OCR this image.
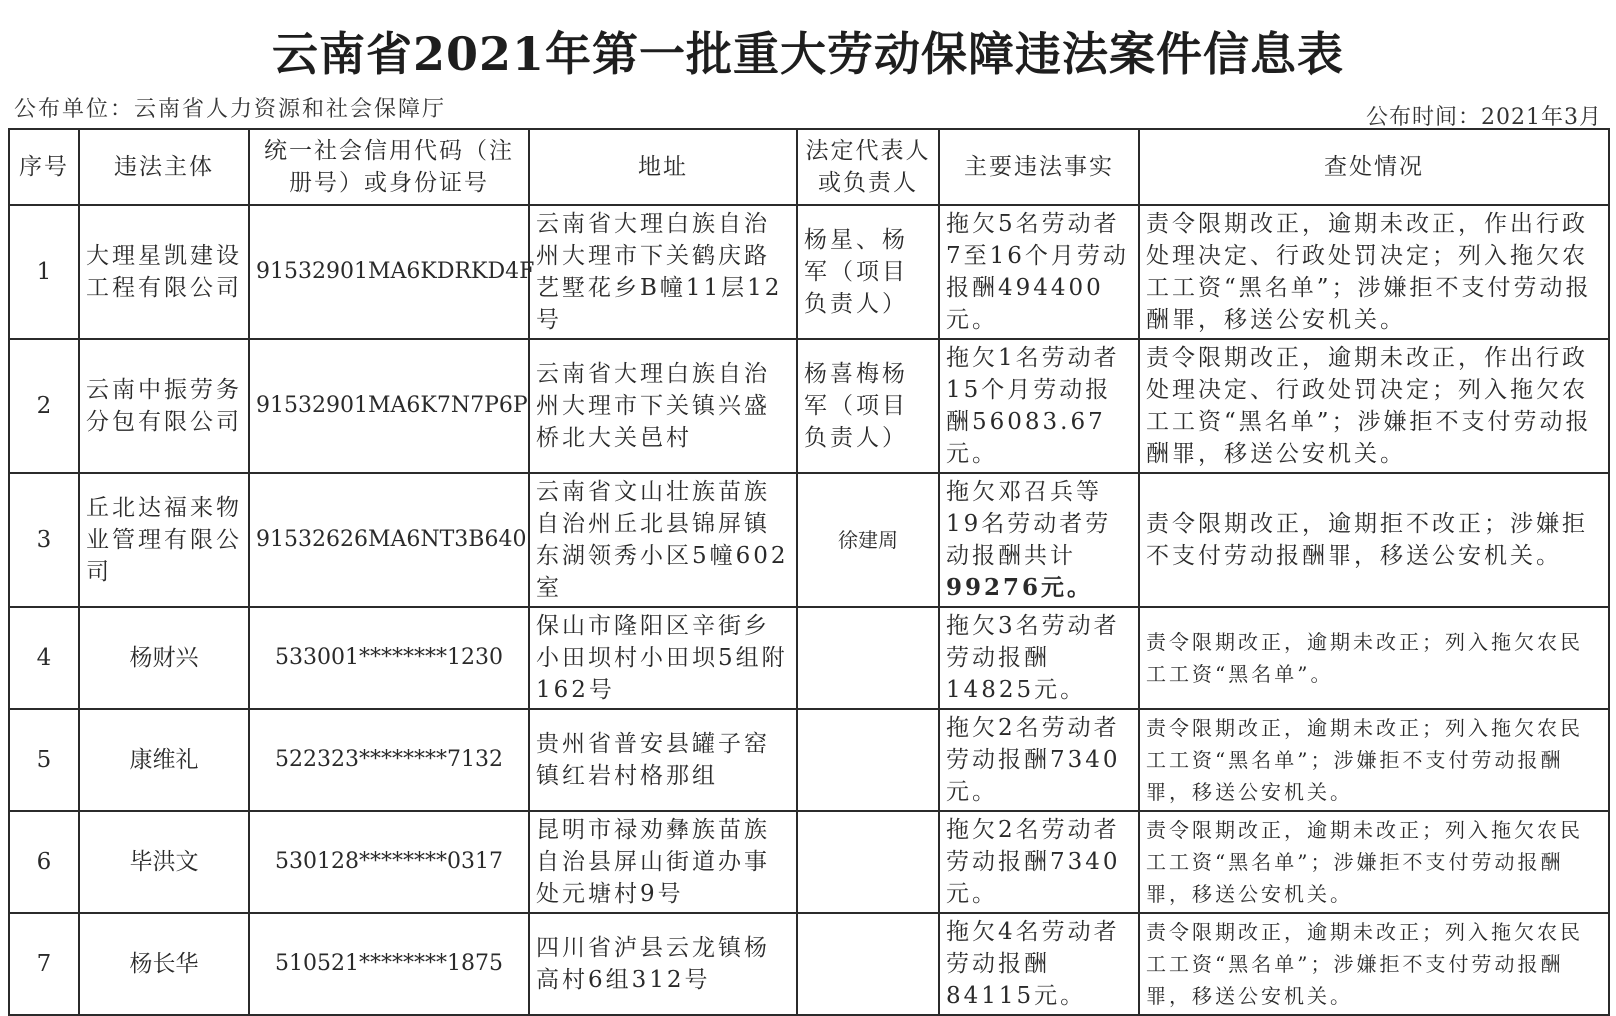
云南省2021年第一批重大劳动保障违法案件信息表
公布单位：云南省人力资源和社会保障厅	公布时间：2021年3月
序号	违法主体	统一社会信用代码（注册号）或身份证号	地址	法定代表人或负责人	主要违法事实	查处情况
1	大理星凯建设工程有限公司	91532901MA6KDRKD4F	云南省大理白族自治州大理市下关鹤庆路艺墅花乡B幢11层12号	杨星、杨军（项目负责人）	拖欠5名劳动者7至16个月劳动报酬494400元。	责令限期改正，逾期未改正，作出行政处理决定、行政处罚决定；列入拖欠农工工资“黑名单”；涉嫌拒不支付劳动报酬罪，移送公安机关。
2	云南中振劳务分包有限公司	91532901MA6K7N7P6P	云南省大理白族自治州大理市下关镇兴盛桥北大关邑村	杨喜梅杨军（项目负责人）	拖欠1名劳动者15个月劳动报酬56083.67元。	责令限期改正，逾期未改正，作出行政处理决定、行政处罚决定；列入拖欠农工工资“黑名单”；涉嫌拒不支付劳动报酬罪，移送公安机关。
3	丘北达福来物业管理有限公司	91532626MA6NT3B640	云南省文山壮族苗族自治州丘北县锦屏镇东湖领秀小区5幢602室	徐建周	拖欠邓召兵等19名劳动者劳动报酬共计99276元。	责令限期改正，逾期拒不改正；涉嫌拒不支付劳动报酬罪，移送公安机关。
4	杨财兴	533001********1230	保山市隆阳区辛街乡小田坝村小田坝5组附162号		拖欠3名劳动者劳动报酬14825元。	责令限期改正，逾期未改正；列入拖欠农民工工资“黑名单”。
5	康维礼	522323********7132	贵州省普安县罐子窑镇红岩村格那组		拖欠2名劳动者劳动报酬7340元。	责令限期改正，逾期未改正；列入拖欠农民工工资“黑名单”；涉嫌拒不支付劳动报酬罪，移送公安机关。
6	毕洪文	530128********0317	昆明市禄劝彝族苗族自治县屏山街道办事处元塘村9号		拖欠2名劳动者劳动报酬7340元。	责令限期改正，逾期未改正；列入拖欠农民工工资“黑名单”；涉嫌拒不支付劳动报酬罪，移送公安机关。
7	杨长华	510521********1875	四川省泸县云龙镇杨高村6组312号		拖欠4名劳动者劳动报酬84115元。	责令限期改正，逾期未改正；列入拖欠农民工工资“黑名单”；涉嫌拒不支付劳动报酬罪，移送公安机关。
